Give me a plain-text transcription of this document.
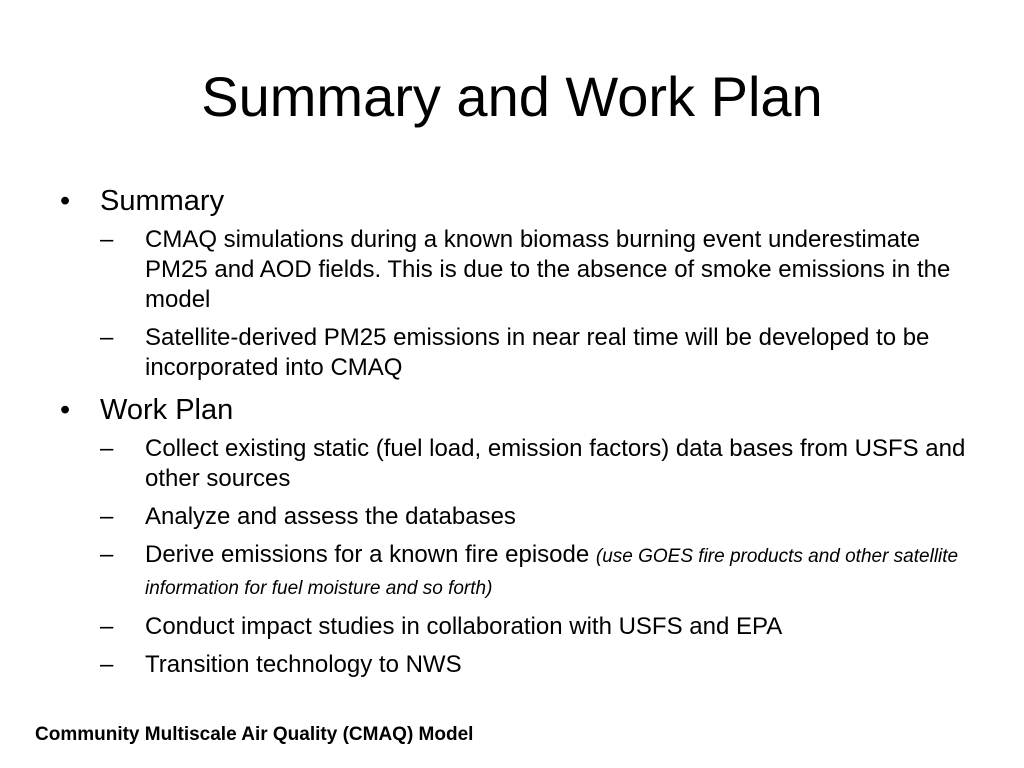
Summary and Work Plan
• Summary
– CMAQ simulations during a known biomass burning event underestimate PM25 and AOD fields. This is due to the absence of smoke emissions in the model
– Satellite-derived PM25 emissions in near real time will be developed to be incorporated into CMAQ
• Work Plan
– Collect existing static (fuel load, emission factors) data bases from USFS and other sources
– Analyze and assess the databases
– Derive emissions for a known fire episode (use GOES fire products and other satellite information for fuel moisture and so forth)
– Conduct impact studies in collaboration with USFS and EPA
– Transition technology to NWS
Community Multiscale Air Quality (CMAQ) Model
